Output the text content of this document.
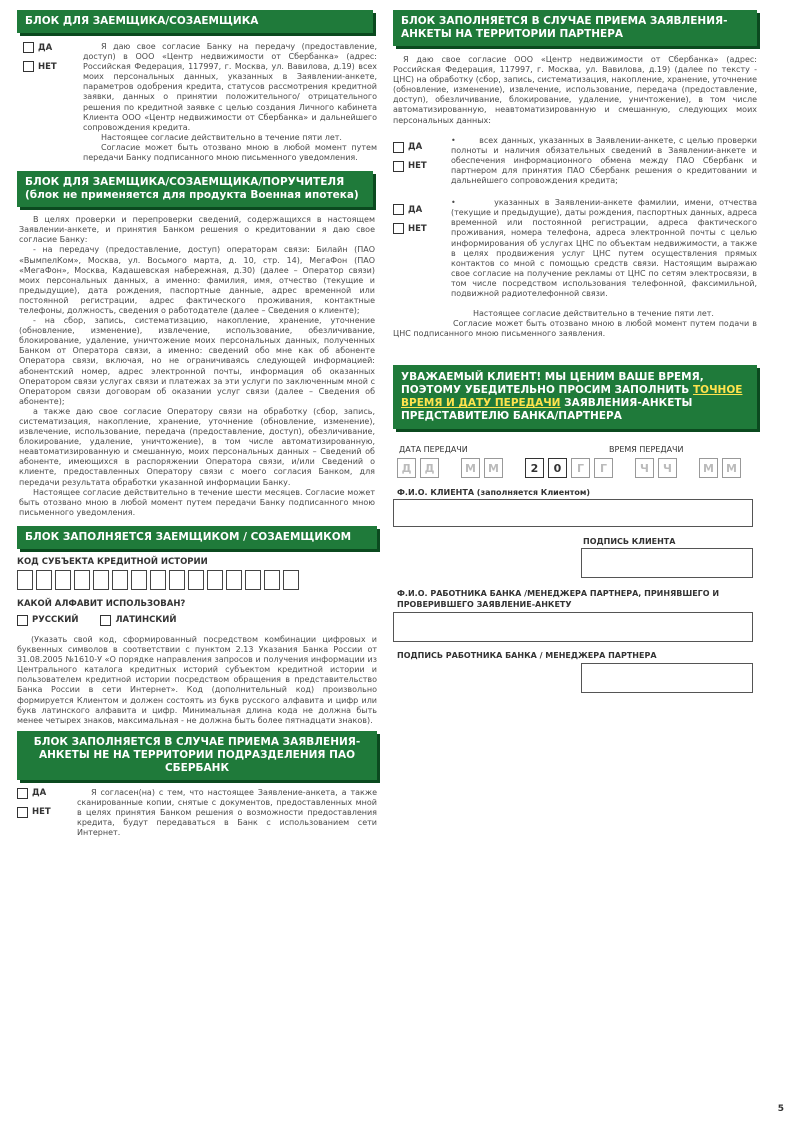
БЛОК ДЛЯ ЗАЕМЩИКА/СОЗАЕМЩИКА
ДА
НЕТ
Я даю свое согласие Банку на передачу (предоставление, доступ) в ООО «Центр недвижимости от Сбербанка» (адрес: Российская Федерация, 117997, г. Москва, ул. Вавилова, д.19) всех моих персональных данных, указанных в Заявлении-анкете, параметров одобрения кредита, статусов рассмотрения кредитной заявки, данных о принятии положительного/ отрицательного решения по кредитной заявке с целью создания Личного кабинета Клиента ООО «Центр недвижимости от Сбербанка» и дальнейшего сопровождения кредита.
Настоящее согласие действительно в течение пяти лет.
Согласие может быть отозвано мною в любой момент путем передачи Банку подписанного мною письменного уведомления.
БЛОК ДЛЯ ЗАЕМЩИКА/СОЗАЕМЩИКА/ПОРУЧИТЕЛЯ (блок не применяется для продукта Военная ипотека)
В целях проверки и перепроверки сведений, содержащихся в настоящем Заявлении-анкете, и принятия Банком решения о кредитовании я даю свое согласие Банку:
- на передачу (предоставление, доступ) операторам связи: Билайн (ПАО «ВымпелКом», Москва, ул. Восьмого марта, д. 10, стр. 14), МегаФон (ПАО «МегаФон», Москва, Кадашевская набережная, д.30) (далее – Оператор связи) моих персональных данных, а именно: фамилия, имя, отчество (текущие и предыдущие), дата рождения, паспортные данные, адрес временной или постоянной регистрации, адрес фактического проживания, контактные телефоны, должность, сведения о работодателе (далее – Сведения о клиенте);
- на сбор, запись, систематизацию, накопление, хранение, уточнение (обновление, изменение), извлечение, использование, обезличивание, блокирование, удаление, уничтожение моих персональных данных, полученных Банком от Оператора связи, а именно: сведений обо мне как об абоненте Оператора связи, включая, но не ограничиваясь следующей информацией: абонентский номер, адрес электронной почты, информация об оказанных Оператором связи услугах связи и платежах за эти услуги по заключенным мной с Оператором связи договорам об оказании услуг связи (далее – Сведения об абоненте);
а также даю свое согласие Оператору связи на обработку (сбор, запись, систематизация, накопление, хранение, уточнение (обновление, изменение), извлечение, использование, передача (предоставление, доступ), обезличивание, блокирование, удаление, уничтожение), в том числе автоматизированную, неавтоматизированную и смешанную, моих персональных данных – Сведений об абоненте, имеющихся в распоряжении Оператора связи, и/или Сведений о клиенте, предоставленных Оператору связи с моего согласия Банком, для передачи результата обработки указанной информации Банку.
Настоящее согласие действительно в течение шести месяцев. Согласие может быть отозвано мною в любой момент путем передачи Банку подписанного мною письменного уведомления.
БЛОК ЗАПОЛНЯЕТСЯ ЗАЕМЩИКОМ / СОЗАЕМЩИКОМ
КОД СУБЪЕКТА КРЕДИТНОЙ ИСТОРИИ
КАКОЙ АЛФАВИТ ИСПОЛЬЗОВАН?
РУССКИЙ	ЛАТИНСКИЙ
(Указать свой код, сформированный посредством комбинации цифровых и буквенных символов в соответствии с пунктом 2.13 Указания Банка России от 31.08.2005 №1610-У «О порядке направления запросов и получения информации из Центрального каталога кредитных историй субъектом кредитной истории и пользователем кредитной истории посредством обращения в представительство Банка России в сети Интернет». Код (дополнительный код) произвольно формируется Клиентом и должен состоять из букв русского алфавита и цифр или букв латинского алфавита и цифр. Минимальная длина кода не должна быть менее четырех знаков, максимальная - не должна быть более пятнадцати знаков).
БЛОК ЗАПОЛНЯЕТСЯ В СЛУЧАЕ ПРИЕМА ЗАЯВЛЕНИЯ-АНКЕТЫ НЕ НА ТЕРРИТОРИИ ПОДРАЗДЕЛЕНИЯ ПАО СБЕРБАНК
ДА
НЕТ
Я согласен(на) с тем, что настоящее Заявление-анкета, а также сканированные копии, снятые с документов, предоставленных мной в целях принятия Банком решения о возможности предоставления кредита, будут передаваться в Банк с использованием сети Интернет.
БЛОК ЗАПОЛНЯЕТСЯ В СЛУЧАЕ ПРИЕМА ЗАЯВЛЕНИЯ-АНКЕТЫ НА ТЕРРИТОРИИ ПАРТНЕРА
Я даю свое согласие ООО «Центр недвижимости от Сбербанка» (адрес: Российская Федерация, 117997, г. Москва, ул. Вавилова, д.19) (далее по тексту - ЦНС) на обработку (сбор, запись, систематизация, накопление, хранение, уточнение (обновление, изменение), извлечение, использование, передача (предоставление, доступ), обезличивание, блокирование, удаление, уничтожение), в том числе автоматизированную, неавтоматизированную и смешанную, следующих моих персональных данных:
ДА
НЕТ
•       всех данных, указанных в Заявлении-анкете, с целью проверки полноты и наличия обязательных сведений в Заявлении-анкете и обеспечения информационного обмена между ПАО Сбербанк и партнером для принятия ПАО Сбербанк решения о кредитовании и дальнейшего сопровождения кредита;
ДА
НЕТ
•       указанных в Заявлении-анкете фамилии, имени, отчества (текущие и предыдущие), даты рождения, паспортных данных, адреса временной или постоянной регистрации, адреса фактического проживания, номера телефона, адреса электронной почты с целью информирования об услугах ЦНС по объектам недвижимости, а также в целях продвижения услуг ЦНС путем осуществления прямых контактов со мной с помощью средств связи. Настоящим выражаю свое согласие на получение рекламы от ЦНС по сетям электросвязи, в том числе посредством использования телефонной, факсимильной, подвижной радиотелефонной связи.
Настоящее согласие действительно в течение пяти лет.
Согласие может быть отозвано мною в любой момент путем подачи в ЦНС подписанного мною письменного заявления.
УВАЖАЕМЫЙ КЛИЕНТ! МЫ ЦЕНИМ ВАШЕ ВРЕМЯ, ПОЭТОМУ УБЕДИТЕЛЬНО ПРОСИМ ЗАПОЛНИТЬ ТОЧНОЕ ВРЕМЯ И ДАТУ ПЕРЕДАЧИ ЗАЯВЛЕНИЯ-АНКЕТЫ ПРЕДСТАВИТЕЛЮ БАНКА/ПАРТНЕРА
ДАТА ПЕРЕДАЧИ	ВРЕМЯ ПЕРЕДАЧИ
Д	Д	М	М	2	0	Г	Г	Ч	Ч	М	М
Ф.И.О. КЛИЕНТА (заполняется Клиентом)
ПОДПИСЬ КЛИЕНТА
Ф.И.О. РАБОТНИКА БАНКА /МЕНЕДЖЕРА ПАРТНЕРА, ПРИНЯВШЕГО И ПРОВЕРИВШЕГО ЗАЯВЛЕНИЕ-АНКЕТУ
ПОДПИСЬ РАБОТНИКА БАНКА / МЕНЕДЖЕРА ПАРТНЕРА
5
